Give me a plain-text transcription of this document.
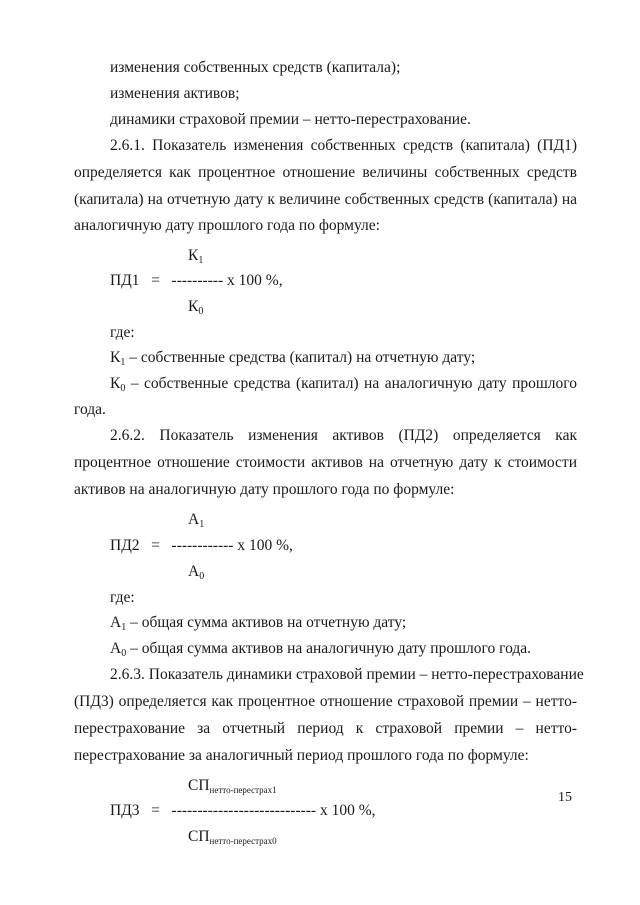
изменения собственных средств (капитала);
изменения активов;
динамики страховой премии – нетто-перестрахование.
2.6.1. Показатель изменения собственных средств (капитала) (ПД1)
определяется как процентное отношение величины собственных средств
(капитала) на отчетную дату к величине собственных средств (капитала) на
аналогичную дату прошлого года по формуле:
$К_1$
ПД1 = ---------- x 100 %,
$К_0$
где:
$К_1$ – собственные средства (капитал) на отчетную дату;
$К_0$ – собственные средства (капитал) на аналогичную дату прошлого
года.
2.6.2. Показатель изменения активов (ПД2) определяется как
процентное отношение стоимости активов на отчетную дату к стоимости
активов на аналогичную дату прошлого года по формуле:
$А_1$
ПД2 = ------------ x 100 %,
$А_0$
где:
$А_1$ – общая сумма активов на отчетную дату;
$А_0$ – общая сумма активов на аналогичную дату прошлого года.
2.6.3. Показатель динамики страховой премии – нетто-перестрахование
(ПД3) определяется как процентное отношение страховой премии – нетто-
перестрахование за отчетный период к страховой премии – нетто-
перестрахование за аналогичный период прошлого года по формуле:
$СП_{нетто-перестрах1}$
ПД3 = ---------------------------- x 100 %,
$СП_{нетто-перестрах0}$
15
